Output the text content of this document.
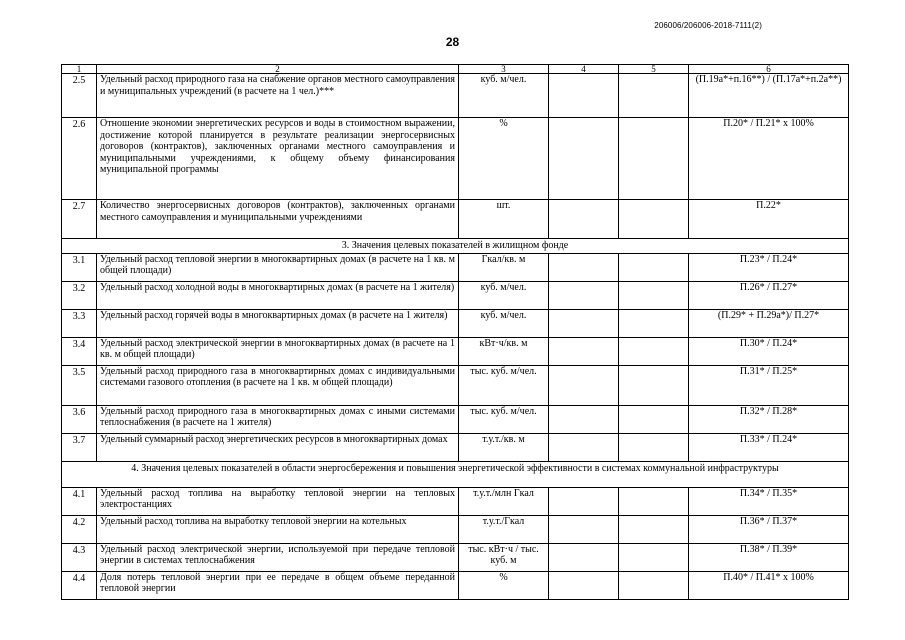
206006/206006-2018-7111(2)
28
1	2	3	4	5	6
2.5	Удельный расход природного газа на снабжение органов местного самоуправления и муниципальных учреждений (в расчете на 1 чел.)***	куб. м/чел.			(П.19а*+п.16**) / (П.17а*+п.2а**)
2.6	Отношение экономии энергетических ресурсов и воды в стоимостном выражении, достижение которой планируется в результате реализации энергосервисных договоров (контрактов), заключенных органами местного самоуправления и муниципальными учреждениями, к общему объему финансирования муниципальной программы	%			П.20* / П.21* х 100%
2.7	Количество энергосервисных договоров (контрактов), заключенных органами местного самоуправления и муниципальными учреждениями	шт.			П.22*
3. Значения целевых показателей в жилищном фонде					
3.1	Удельный расход тепловой энергии в многоквартирных домах (в расчете на 1 кв. м общей площади)	Гкал/кв. м			П.23* / П.24*
3.2	Удельный расход холодной воды в многоквартирных домах (в расчете на 1 жителя)	куб. м/чел.			П.26* / П.27*
3.3	Удельный расход горячей воды в многоквартирных домах (в расчете на 1 жителя)	куб. м/чел.			(П.29* + П.29а*)/ П.27*
3.4	Удельный расход электрической энергии в многоквартирных домах (в расчете на 1 кв. м общей площади)	кВт·ч/кв. м			П.30* / П.24*
3.5	Удельный расход природного газа в многоквартирных домах с индивидуальными системами газового отопления (в расчете на 1 кв. м общей площади)	тыс. куб. м/чел.			П.31* / П.25*
3.6	Удельный расход природного газа в многоквартирных домах с иными системами теплоснабжения (в расчете на 1 жителя)	тыс. куб. м/чел.			П.32* / П.28*
3.7	Удельный суммарный расход энергетических ресурсов в многоквартирных домах	т.у.т./кв. м			П.33* / П.24*
4. Значения целевых показателей в области энергосбережения и повышения энергетической эффективности в системах коммунальной инфраструктуры					
4.1	Удельный расход топлива на выработку тепловой энергии на тепловых электростанциях	т.у.т./млн Гкал			П.34* / П.35*
4.2	Удельный расход топлива на выработку тепловой энергии на котельных	т.у.т./Гкал			П.36* / П.37*
4.3	Удельный расход электрической энергии, используемой при передаче тепловой энергии в системах теплоснабжения	тыс. кВт·ч / тыс. куб. м			П.38* / П.39*
4.4	Доля потерь тепловой энергии при ее передаче в общем объеме переданной тепловой энергии	%			П.40* / П.41* х 100%
